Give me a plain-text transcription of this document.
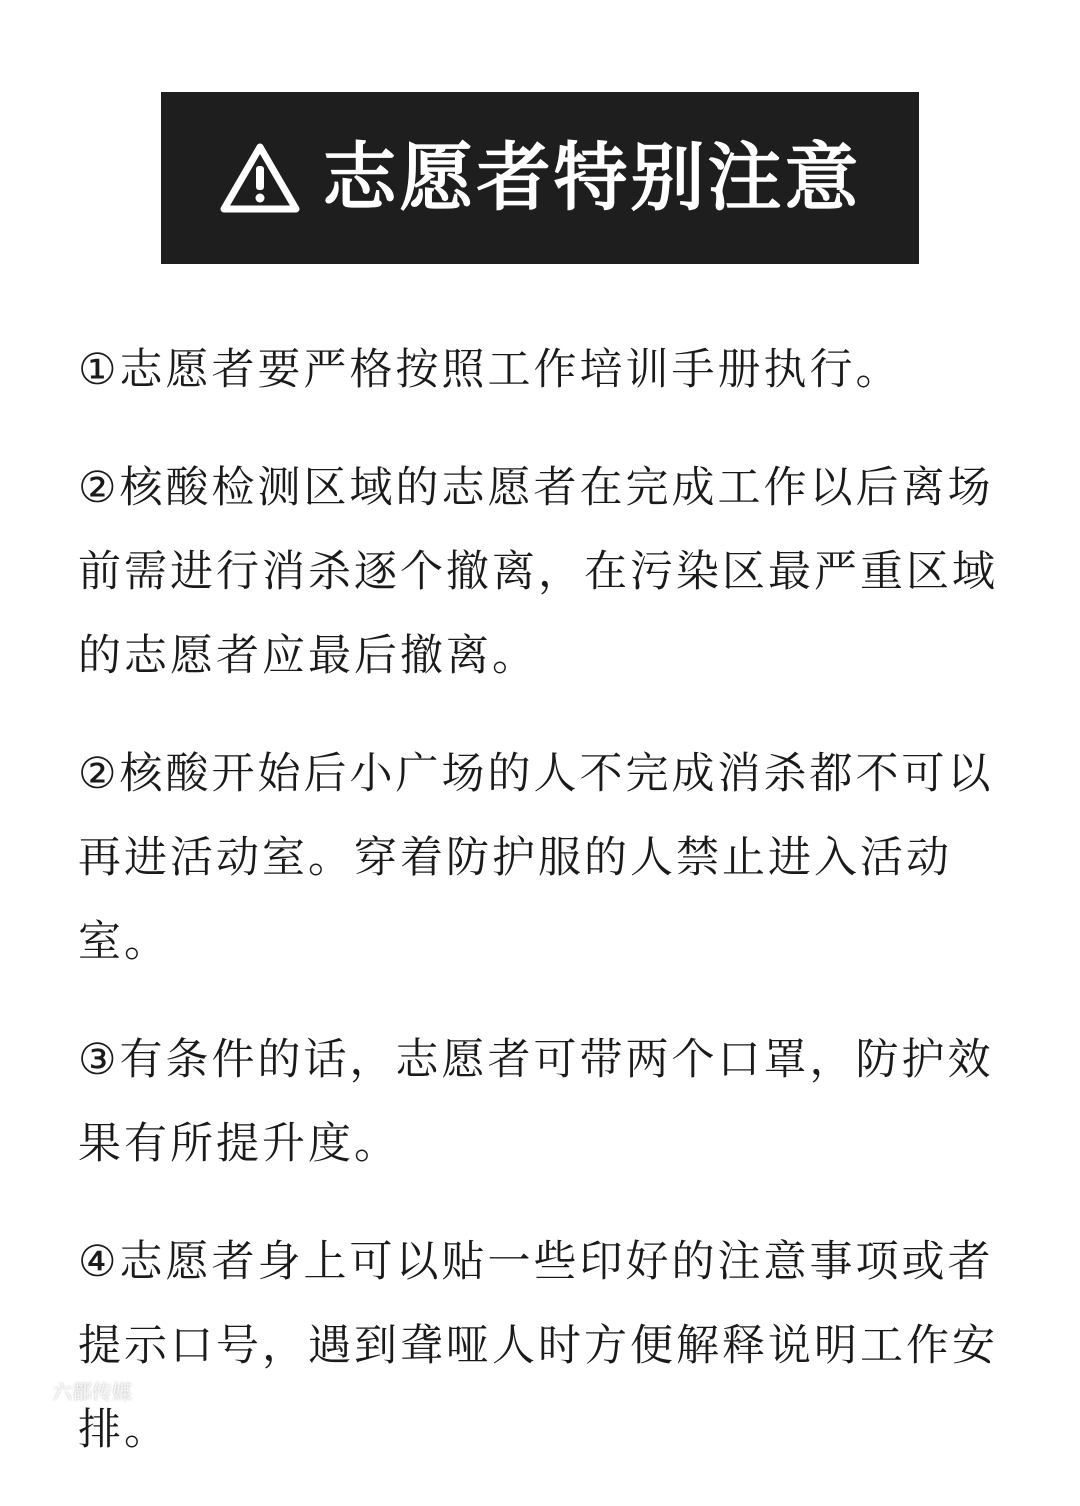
志愿者特别注意

①志愿者要严格按照工作培训手册执行。

②核酸检测区域的志愿者在完成工作以后离场前需进行消杀逐个撤离，在污染区最严重区域的志愿者应最后撤离。

②核酸开始后小广场的人不完成消杀都不可以再进活动室。穿着防护服的人禁止进入活动室。

③有条件的话，志愿者可带两个口罩，防护效果有所提升度。

④志愿者身上可以贴一些印好的注意事项或者提示口号，遇到聋哑人时方便解释说明工作安排。

六都传媒
